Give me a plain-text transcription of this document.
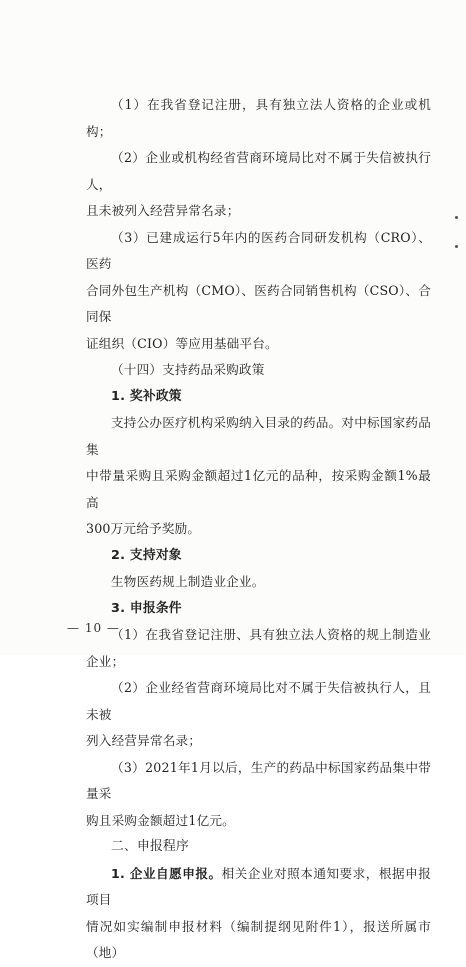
（1）在我省登记注册，具有独立法人资格的企业或机构；

（2）企业或机构经省营商环境局比对不属于失信被执行人，
且未被列入经营异常名录；

（3）已建成运行5年内的医药合同研发机构（CRO）、医药
合同外包生产机构（CMO）、医药合同销售机构（CSO）、合同保
证组织（CIO）等应用基础平台。

（十四）支持药品采购政策

1. 奖补政策

支持公办医疗机构采购纳入目录的药品。对中标国家药品集
中带量采购且采购金额超过1亿元的品种，按采购金额1%最高
300万元给予奖励。

2. 支持对象

生物医药规上制造业企业。

3. 申报条件

（1）在我省登记注册、具有独立法人资格的规上制造业企业；

（2）企业经省营商环境局比对不属于失信被执行人，且未被
列入经营异常名录；

（3）2021年1月以后，生产的药品中标国家药品集中带量采
购且采购金额超过1亿元。

二、申报程序

1. 企业自愿申报。相关企业对照本通知要求，根据申报项目
情况如实编制申报材料（编制提纲见附件1），报送所属市（地）

— 10 —
